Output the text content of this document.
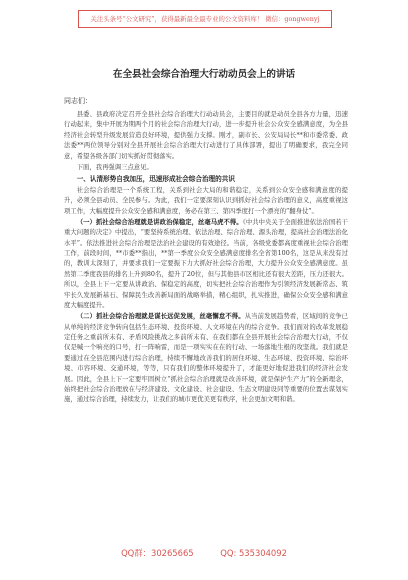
关注头条号“公文研究”，获得最新最全最专业的公文资料库！ 微信：gongwenyj
在全县社会综合治理大行动动员会上的讲话
同志们：

县委、县政府决定召开全县社会综合治理大行动动员会，主要目的就是动员全县各方力量，迅速行动起来，集中开展为期两个月的社会综合治理大行动，进一步提升社会公众安全感满意度，为全县经济社会转型升级发展营造良好环境，提供强力支撑。刚才，副市长、公安局局长**和市委常委、政法委**两位领导分别对全县开展社会综合治理大行动进行了具体部署，提出了明确要求，我完全同意，希望各级各部门切实抓好贯彻落实。

下面，我再强调三点意见。

一、认清形势自我加压，迅速形成社会综合治理的共识

社会综合治理是一个系统工程，关系到社会大局的和谐稳定，关系到公众安全感和满意度的提升，必须全县动员、全民参与。为此，我们一定要深刻认识到抓好社会综合治理的意义，高度重视这项工作，大幅度提升公众安全感和满意度，务必在第三、第四季度打一个漂亮的“翻身仗”。

（一）抓社会综合治理就是讲政治保稳定，丝毫马虎不得。《中共中央关于全面推进依法治国若干重大问题的决定》中提出，“要坚持系统治理、依法治理、综合治理、源头治理，提高社会治理法治化水平”。依法推进社会综合治理是法治社会建设的有效途径。当前，各级党委都高度重视社会综合治理工作，前段时间，**市委**指出，**第一季度公众安全感满意度排名全省第100名，这是从来没有过的，教训太深刻了，并要求我们一定要振下力大抓好社会综合治理，大力提升公众安全感满意度。虽然第二季度我县的排名上升到80名，提升了20位，但与其他县市区相比还有很大差距，压力还很大。所以，全县上下一定要从讲政治、保稳定的高度，切实把社会综合治理作为引领经济发展新常态、筑牢长久发展新基石、保障民生改善新局面的战略举措，精心组织，扎实推进，确保公众安全感和满意度大幅度提升。

（二）抓社会综合治理就是谋长远促发展，丝毫懈怠不得。从当前发展趋势看，区域间的竞争已从单纯的经济竞争转向包括生态环境、投资环境、人文环境在内的综合竞争。我们面对的改革发展稳定任务之重前所未有、矛盾风险挑战之多前所未有、在我们都在全县开展社会综合治理大行动，不仅仅是喊一个响亮的口号，打一阵响雷，而是一项实实在在的行动、一场落地生根的攻坚战。我们就是要通过在全县范围内进行综合治理，持续不懈地改善我们的居住环境、生态环境、投资环境、综治环境、市容环境、交通环境，等等，只有我们的整体环境提升了，才能更好地促进我们的经济社会发展。因此，全县上下一定要牢固树立“抓社会综合治理就是改善环境，就是保护生产力”的全新理念，始终把社会综合治理放在与经济建设、文化建设、社会建设、生态文明建设同等重要的位置去谋划实施，通过综合治理，持续发力，让我们的城市更优美更有秩序，社会更加文明和谐。

QQ群：30265665	QQ: 535304092
